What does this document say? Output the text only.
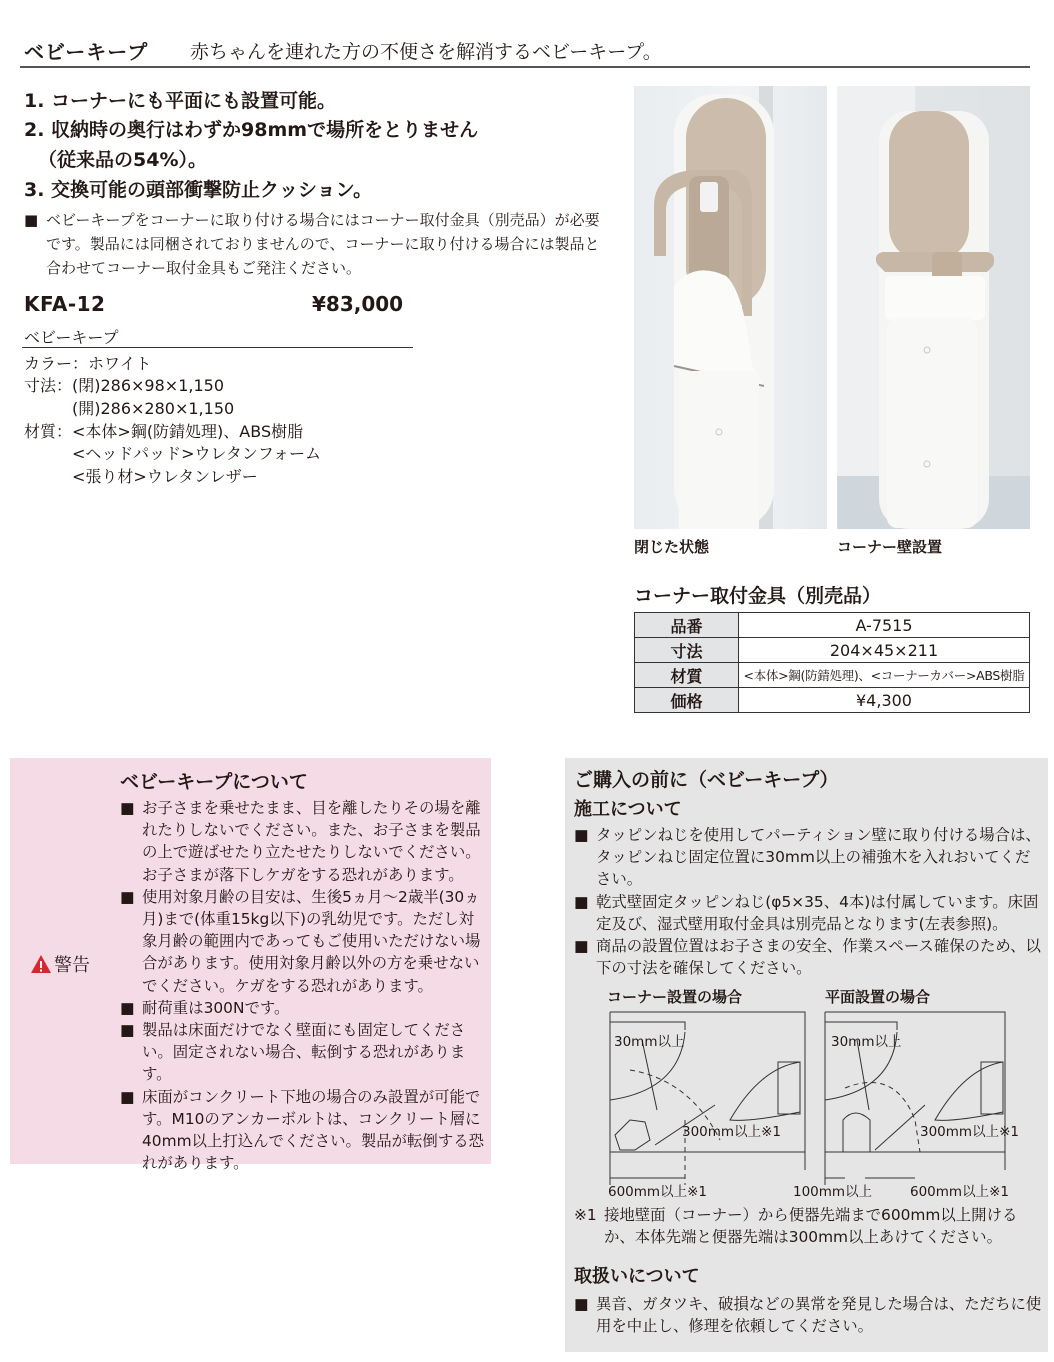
ベビーキープ 赤ちゃんを連れた方の不便さを解消するベビーキープ。
1. コーナーにも平面にも設置可能。
2. 収納時の奥行はわずか98mmで場所をとりません
（従来品の54%）。
3. 交換可能の頭部衝撃防止クッション。
■ ベビーキープをコーナーに取り付ける場合にはコーナー取付金具（別売品）が必要です。製品には同梱されておりませんので、コーナーに取り付ける場合には製品と合わせてコーナー取付金具もご発注ください。
KFA-12	¥83,000
ベビーキープ
カラー：ホワイト
寸法：(閉)286×98×1,150
　　　(開)286×280×1,150
材質：<本体>鋼(防錆処理)、ABS樹脂
　　　<ヘッドパッド>ウレタンフォーム
　　　<張り材>ウレタンレザー
閉じた状態	コーナー壁設置
コーナー取付金具（別売品）
品番	A-7515
寸法	204×45×211
材質	<本体>鋼(防錆処理)、<コーナーカバー>ABS樹脂
価格	¥4,300
警告
ベビーキープについて
■ お子さまを乗せたまま、目を離したりその場を離れたりしないでください。また、お子さまを製品の上で遊ばせたり立たせたりしないでください。お子さまが落下しケガをする恐れがあります。
■ 使用対象月齢の目安は、生後5ヵ月〜2歳半(30ヵ月)まで(体重15kg以下)の乳幼児です。ただし対象月齢の範囲内であってもご使用いただけない場合があります。使用対象月齢以外の方を乗せないでください。ケガをする恐れがあります。
■ 耐荷重は300Nです。
■ 製品は床面だけでなく壁面にも固定してください。固定されない場合、転倒する恐れがあります。
■ 床面がコンクリート下地の場合のみ設置が可能です。M10のアンカーボルトは、コンクリート層に40mm以上打込んでください。製品が転倒する恐れがあります。
ご購入の前に（ベビーキープ）
施工について
■ タッピンねじを使用してパーティション壁に取り付ける場合は、タッピンねじ固定位置に30mm以上の補強木を入れおいてください。
■ 乾式壁固定タッピンねじ(φ5×35、4本)は付属しています。床固定及び、湿式壁用取付金具は別売品となります(左表参照)。
■ 商品の設置位置はお子さまの安全、作業スペース確保のため、以下の寸法を確保してください。
コーナー設置の場合	平面設置の場合
30mm以上
300mm以上※1
600mm以上※1
30mm以上
300mm以上※1
100mm以上	600mm以上※1
※1 接地壁面（コーナー）から便器先端まで600mm以上開けるか、本体先端と便器先端は300mm以上あけてください。
取扱いについて
■ 異音、ガタツキ、破損などの異常を発見した場合は、ただちに使用を中止し、修理を依頼してください。
